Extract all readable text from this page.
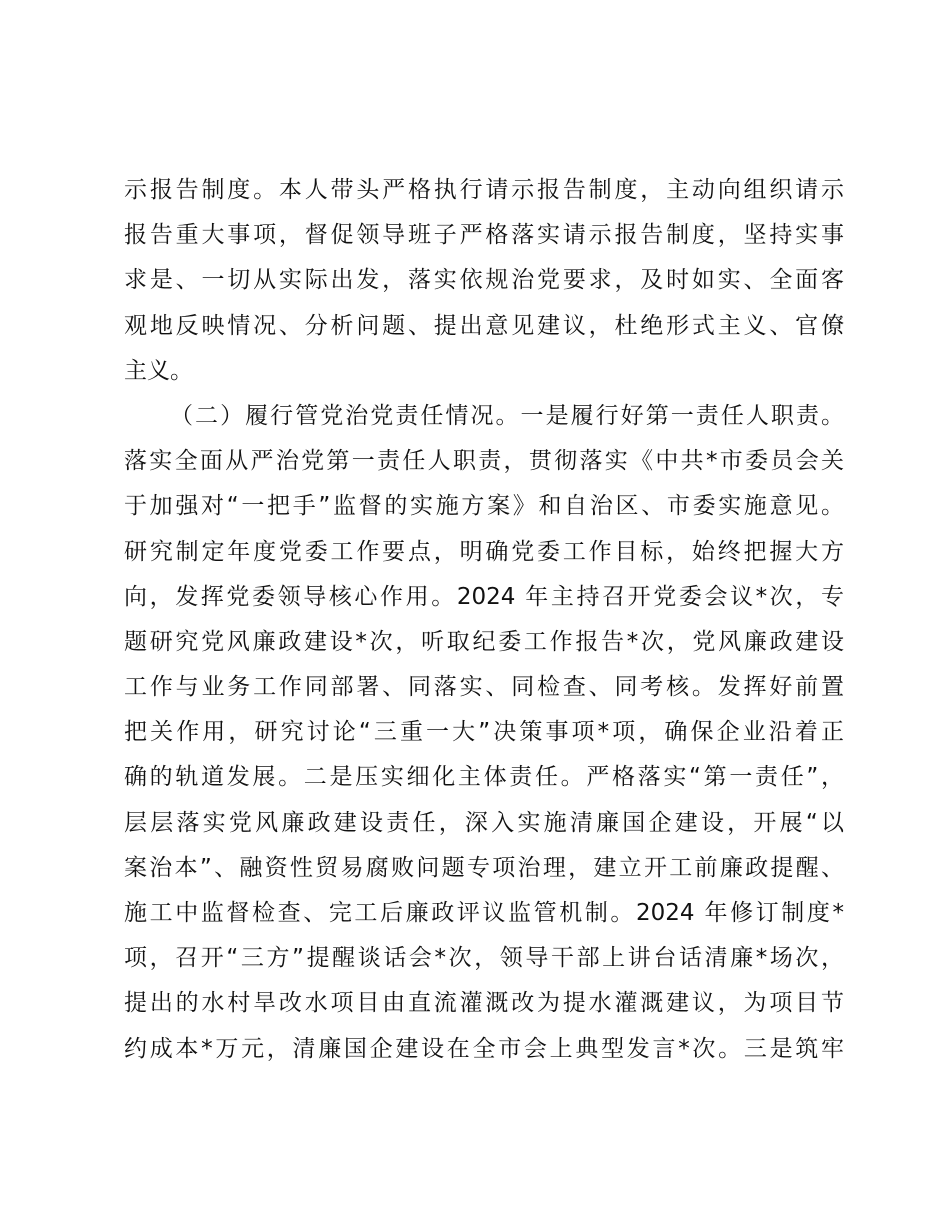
示报告制度。本人带头严格执行请示报告制度，主动向组织请示
报告重大事项，督促领导班子严格落实请示报告制度，坚持实事
求是、一切从实际出发，落实依规治党要求，及时如实、全面客
观地反映情况、分析问题、提出意见建议，杜绝形式主义、官僚
主义。
（二）履行管党治党责任情况。一是履行好第一责任人职责。
落实全面从严治党第一责任人职责，贯彻落实《中共*市委员会关
于加强对“一把手”监督的实施方案》和自治区、市委实施意见。
研究制定年度党委工作要点，明确党委工作目标，始终把握大方
向，发挥党委领导核心作用。2024 年主持召开党委会议*次，专
题研究党风廉政建设*次，听取纪委工作报告*次，党风廉政建设
工作与业务工作同部署、同落实、同检查、同考核。发挥好前置
把关作用，研究讨论“三重一大”决策事项*项，确保企业沿着正
确的轨道发展。二是压实细化主体责任。严格落实“第一责任”，
层层落实党风廉政建设责任，深入实施清廉国企建设，开展“以
案治本”、融资性贸易腐败问题专项治理，建立开工前廉政提醒、
施工中监督检查、完工后廉政评议监管机制。2024 年修订制度*
项，召开“三方”提醒谈话会*次，领导干部上讲台话清廉*场次，
提出的水村旱改水项目由直流灌溉改为提水灌溉建议，为项目节
约成本*万元，清廉国企建设在全市会上典型发言*次。三是筑牢
